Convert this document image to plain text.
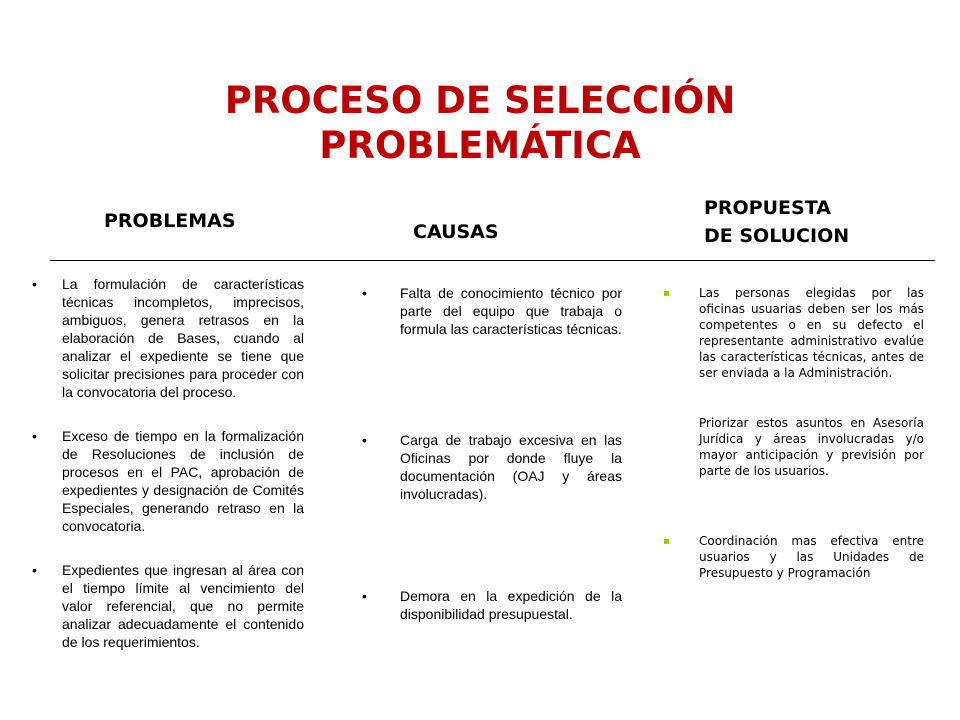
PROCESO DE SELECCIÓN
PROBLEMÁTICA
PROBLEMAS	CAUSAS
PROPUESTA
DE SOLUCION
• La formulación de características técnicas incompletos, imprecisos, ambiguos, genera retrasos en la elaboración de Bases, cuando al analizar el expediente se tiene que solicitar precisiones para proceder con la convocatoria del proceso.
• Exceso de tiempo en la formalización de Resoluciones de inclusión de procesos en el PAC, aprobación de expedientes y designación de Comités Especiales, generando retraso en la convocatoria.
• Expedientes que ingresan al área con el tiempo límite al vencimiento del valor referencial, que no permite analizar adecuadamente el contenido de los requerimientos.
• Falta de conocimiento técnico por parte del equipo que trabaja o formula las características técnicas.
• Carga de trabajo excesiva en las Oficinas por donde fluye la documentación (OAJ y áreas involucradas).
• Demora en la expedición de la disponibilidad presupuestal.
Las personas elegidas por las oficinas usuarias deben ser los más competentes o en su defecto el representante administrativo evalúe las características técnicas, antes de ser enviada a la Administración.
Priorizar estos asuntos en Asesoría Jurídica y áreas involucradas y/o mayor anticipación y previsión por parte de los usuarios.
Coordinación mas efectiva entre usuarios y las Unidades de Presupuesto y Programación
